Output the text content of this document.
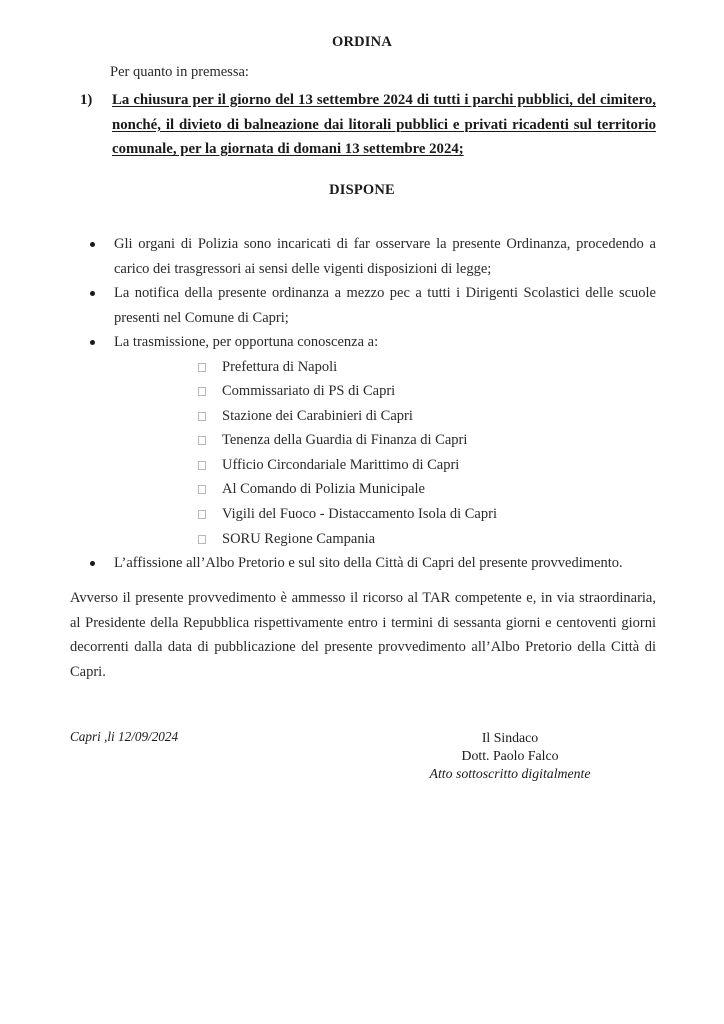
ORDINA
Per quanto in premessa:
1) La chiusura per il giorno del 13 settembre 2024 di tutti i parchi pubblici, del cimitero, nonché, il divieto di balneazione dai litorali pubblici e privati ricadenti sul territorio comunale, per la giornata di domani 13 settembre 2024;
DISPONE
Gli organi di Polizia sono incaricati di far osservare la presente Ordinanza, procedendo a carico dei trasgressori ai sensi delle vigenti disposizioni di legge;
La notifica della presente ordinanza a mezzo pec a tutti i Dirigenti Scolastici delle scuole presenti nel Comune di Capri;
La trasmissione, per opportuna conoscenza a:
Prefettura di Napoli
Commissariato di PS di Capri
Stazione dei Carabinieri di Capri
Tenenza della Guardia di Finanza di Capri
Ufficio Circondariale Marittimo di Capri
Al Comando di Polizia Municipale
Vigili del Fuoco - Distaccamento Isola di Capri
SORU Regione Campania
L’affissione all’Albo Pretorio e sul sito della Città di Capri del presente provvedimento.
Avverso il presente provvedimento è ammesso il ricorso al TAR competente e, in via straordinaria, al Presidente della Repubblica rispettivamente entro i termini di sessanta giorni e centoventi giorni decorrenti dalla data di pubblicazione del presente provvedimento all’Albo Pretorio della Città di Capri.
Capri ,li 12/09/2024	Il Sindaco
Dott. Paolo Falco
Atto sottoscritto digitalmente
